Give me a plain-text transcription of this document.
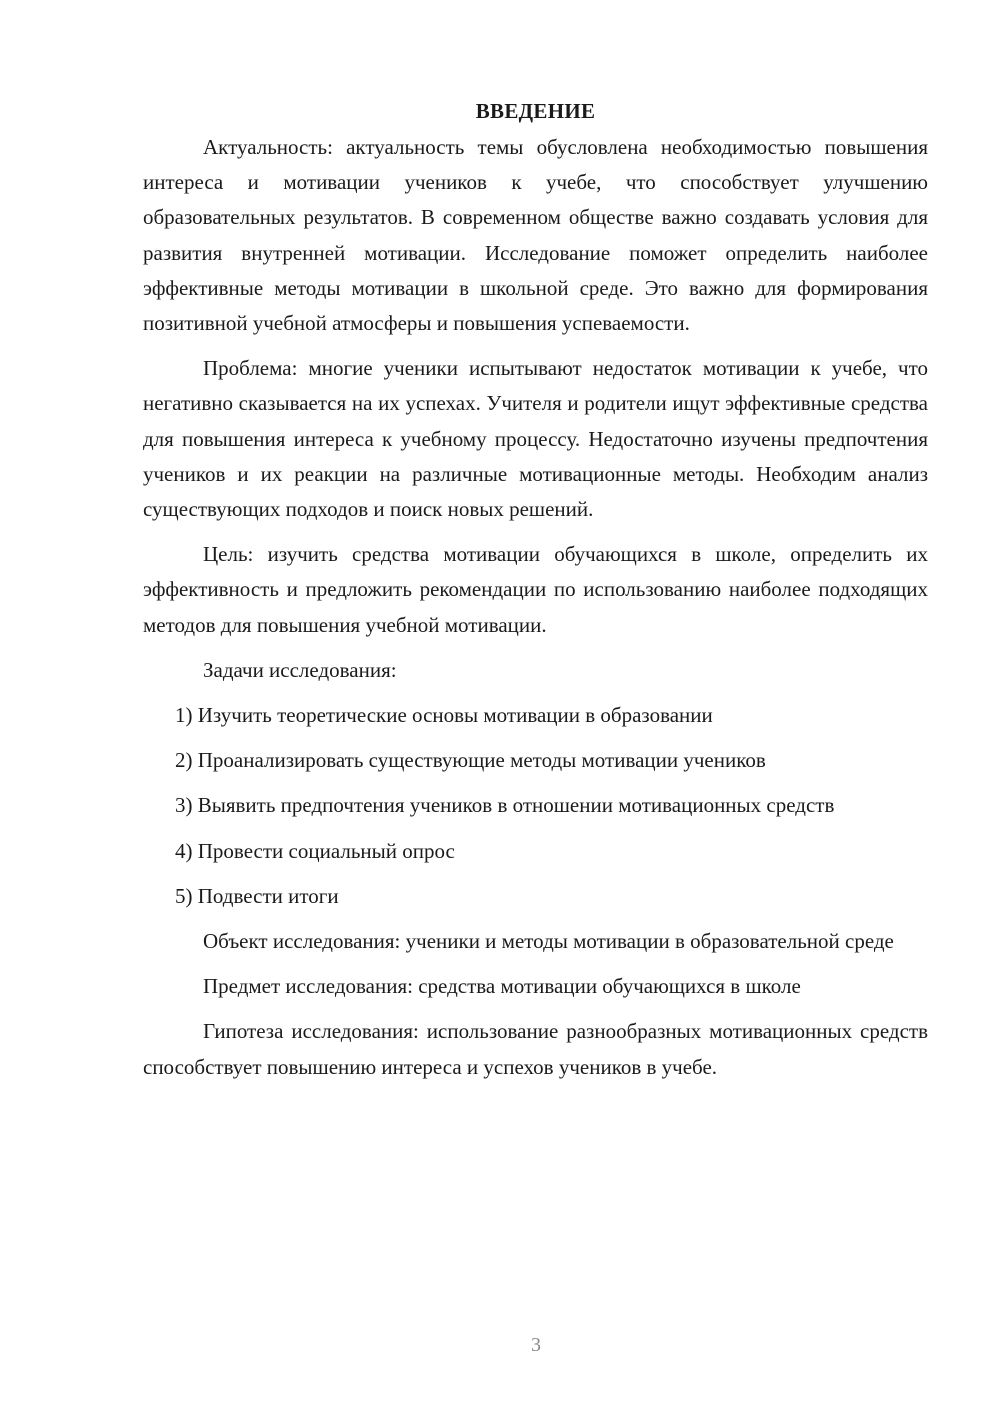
ВВЕДЕНИЕ

Актуальность: актуальность темы обусловлена необходимостью повышения интереса и мотивации учеников к учебе, что способствует улучшению образовательных результатов. В современном обществе важно создавать условия для развития внутренней мотивации. Исследование поможет определить наиболее эффективные методы мотивации в школьной среде. Это важно для формирования позитивной учебной атмосферы и повышения успеваемости.

Проблема: многие ученики испытывают недостаток мотивации к учебе, что негативно сказывается на их успехах. Учителя и родители ищут эффективные средства для повышения интереса к учебному процессу. Недостаточно изучены предпочтения учеников и их реакции на различные мотивационные методы. Необходим анализ существующих подходов и поиск новых решений.

Цель: изучить средства мотивации обучающихся в школе, определить их эффективность и предложить рекомендации по использованию наиболее подходящих методов для повышения учебной мотивации.

Задачи исследования:

1) Изучить теоретические основы мотивации в образовании

2) Проанализировать существующие методы мотивации учеников

3) Выявить предпочтения учеников в отношении мотивационных средств

4) Провести социальный опрос

5) Подвести итоги

Объект исследования: ученики и методы мотивации в образовательной среде

Предмет исследования: средства мотивации обучающихся в школе

Гипотеза исследования: использование разнообразных мотивационных средств способствует повышению интереса и успехов учеников в учебе.

3
